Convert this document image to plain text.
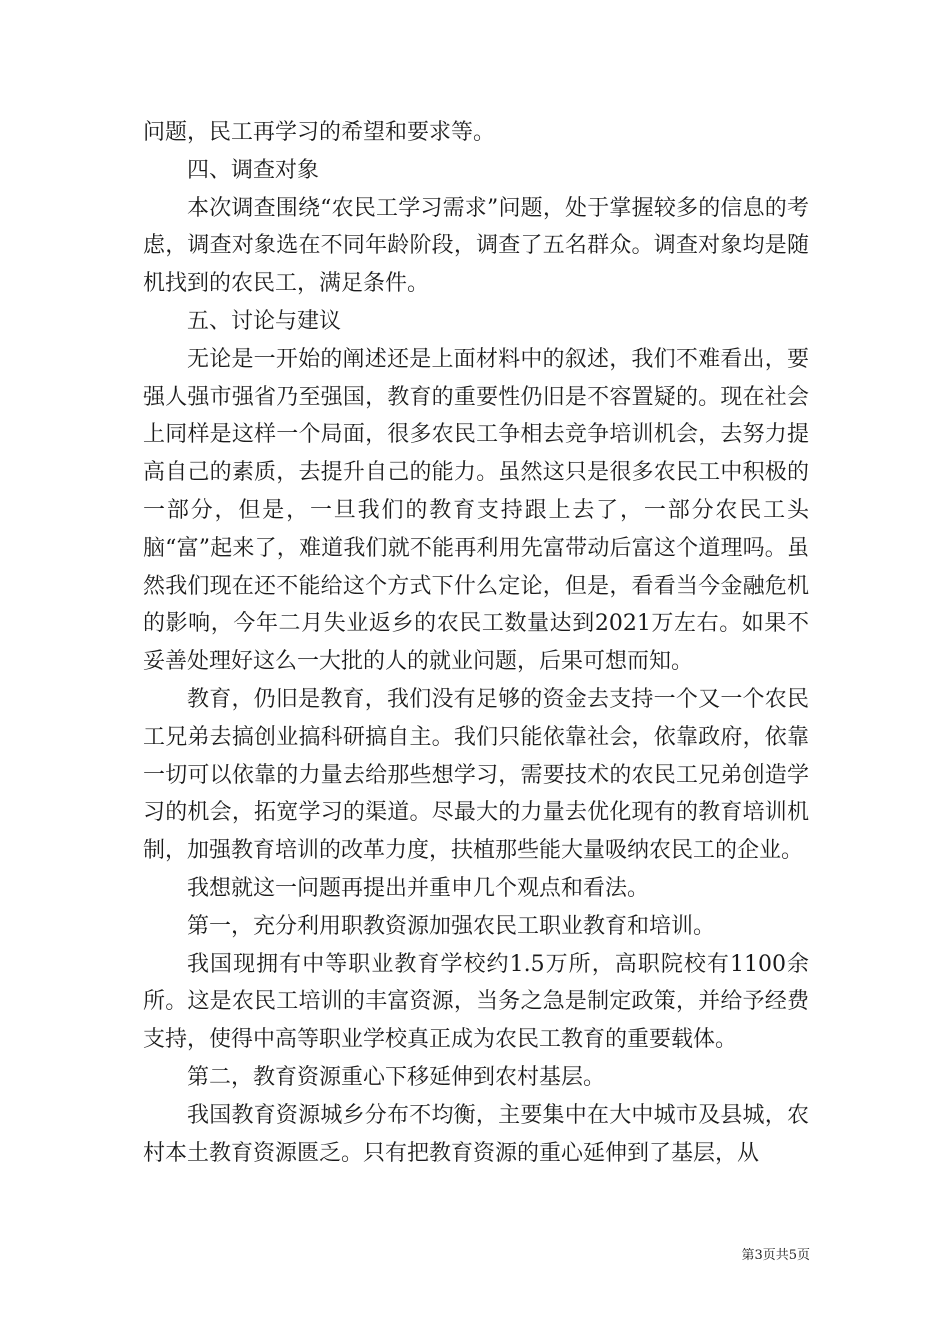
问题，民工再学习的希望和要求等。

四、调查对象

本次调查围绕“农民工学习需求”问题，处于掌握较多的信息的考虑，调查对象选在不同年龄阶段，调查了五名群众。调查对象均是随机找到的农民工，满足条件。

五、讨论与建议

无论是一开始的阐述还是上面材料中的叙述，我们不难看出，要强人强市强省乃至强国，教育的重要性仍旧是不容置疑的。现在社会上同样是这样一个局面，很多农民工争相去竞争培训机会，去努力提高自己的素质，去提升自己的能力。虽然这只是很多农民工中积极的一部分，但是，一旦我们的教育支持跟上去了，一部分农民工头脑“富”起来了，难道我们就不能再利用先富带动后富这个道理吗。虽然我们现在还不能给这个方式下什么定论，但是，看看当今金融危机的影响，今年二月失业返乡的农民工数量达到2021万左右。如果不妥善处理好这么一大批的人的就业问题，后果可想而知。

教育，仍旧是教育，我们没有足够的资金去支持一个又一个农民工兄弟去搞创业搞科研搞自主。我们只能依靠社会，依靠政府，依靠一切可以依靠的力量去给那些想学习，需要技术的农民工兄弟创造学习的机会，拓宽学习的渠道。尽最大的力量去优化现有的教育培训机制，加强教育培训的改革力度，扶植那些能大量吸纳农民工的企业。

我想就这一问题再提出并重申几个观点和看法。

第一，充分利用职教资源加强农民工职业教育和培训。

我国现拥有中等职业教育学校约1.5万所，高职院校有1100余所。这是农民工培训的丰富资源，当务之急是制定政策，并给予经费支持，使得中高等职业学校真正成为农民工教育的重要载体。

第二，教育资源重心下移延伸到农村基层。

我国教育资源城乡分布不均衡，主要集中在大中城市及县城，农村本土教育资源匮乏。只有把教育资源的重心延伸到了基层，从

第3页共5页
